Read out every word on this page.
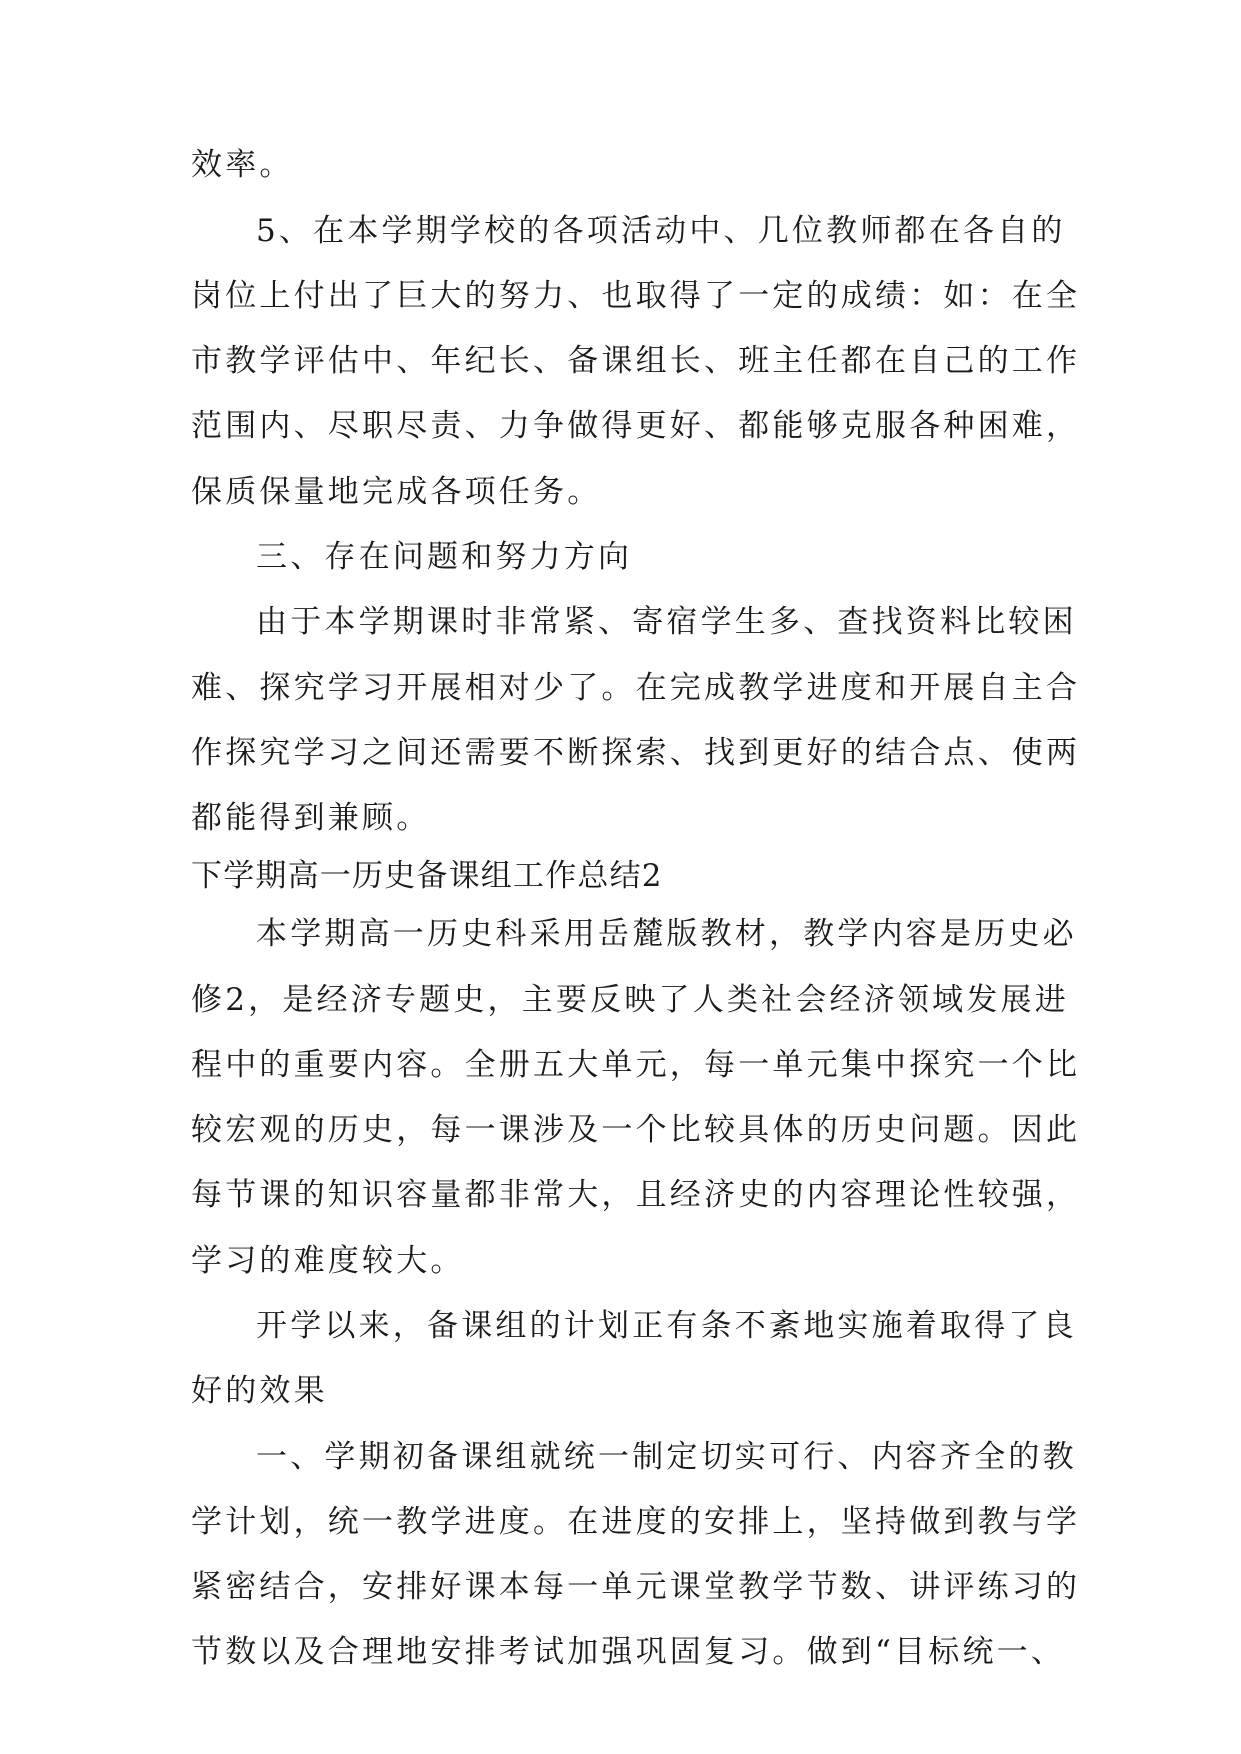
效率。
5、在本学期学校的各项活动中、几位教师都在各自的
岗位上付出了巨大的努力、也取得了一定的成绩：如：在全
市教学评估中、年纪长、备课组长、班主任都在自己的工作
范围内、尽职尽责、力争做得更好、都能够克服各种困难，
保质保量地完成各项任务。
三、存在问题和努力方向
由于本学期课时非常紧、寄宿学生多、查找资料比较困
难、探究学习开展相对少了。在完成教学进度和开展自主合
作探究学习之间还需要不断探索、找到更好的结合点、使两
都能得到兼顾。
下学期高一历史备课组工作总结2
本学期高一历史科采用岳麓版教材，教学内容是历史必
修2，是经济专题史，主要反映了人类社会经济领域发展进
程中的重要内容。全册五大单元，每一单元集中探究一个比
较宏观的历史，每一课涉及一个比较具体的历史问题。因此
每节课的知识容量都非常大，且经济史的内容理论性较强，
学习的难度较大。
开学以来，备课组的计划正有条不紊地实施着取得了良
好的效果
一、学期初备课组就统一制定切实可行、内容齐全的教
学计划，统一教学进度。在进度的安排上，坚持做到教与学
紧密结合，安排好课本每一单元课堂教学节数、讲评练习的
节数以及合理地安排考试加强巩固复习。做到“目标统一、
